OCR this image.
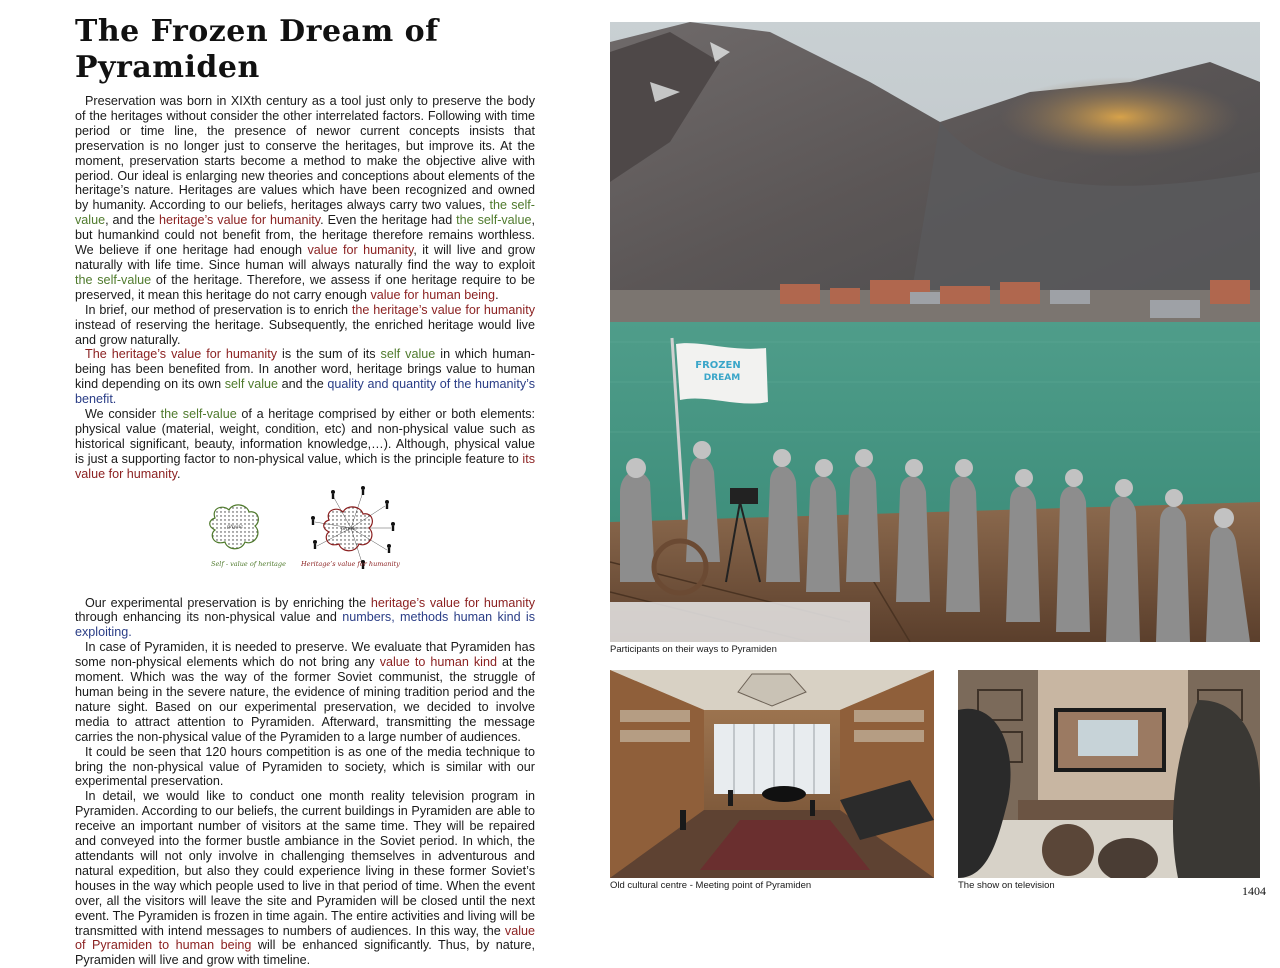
The Frozen Dream of Pyramiden

Preservation was born in XIXth century as a tool just only to preserve the body of the heritages without consider the other interrelated factors. Following with time period or time line, the presence of newor current concepts insists that preservation is no longer just to conserve the heritages, but improve its. At the moment, preservation starts become a method to make the objective alive with period. Our ideal is enlarging new theories and conceptions about elements of the heritage’s nature. Heritages are values which have been recognized and owned by humanity. According to our beliefs, heritages always carry two values, the self-value, and the heritage’s value for humanity. Even the heritage had the self-value, but humankind could not benefit from, the heritage therefore remains worthless. We believe if one heritage had enough value for humanity, it will live and grow naturally with life time. Since human will always naturally find the way to exploit the self-value of the heritage. Therefore, we assess if one heritage require to be preserved, it mean this heritage do not carry enough value for human being.

In brief, our method of preservation is to enrich the heritage’s value for humanity instead of reserving the heritage. Subsequently, the enriched heritage would live and grow naturally.

The heritage’s value for humanity is the sum of its self value in which human-being has been benefited from. In another word, heritage brings value to human kind depending on its own self value and the quality and quantity of the humanity’s benefit.

We consider the self-value of a heritage comprised by either or both elements: physical value (material, weight, condition, etc) and non-physical value such as historical significant, beauty, information knowledge,…). Although, physical value is just a supporting factor to non-physical value, which is the principle feature to its value for humanity.

physic
Self - value of heritage
physic
Heritage’s value for humanity

Our experimental preservation is by enriching the heritage’s value for humanity through enhancing its non-physical value and numbers, methods human kind is exploiting.

In case of Pyramiden, it is needed to preserve. We evaluate that Pyramiden has some non-physical elements which do not bring any value to human kind at the moment. Which was the way of the former Soviet communist, the struggle of human being in the severe nature, the evidence of mining tradition period and the nature sight. Based on our experimental preservation, we decided to involve media to attract attention to Pyramiden. Afterward, transmitting the message carries the non-physical value of the Pyramiden to a large number of audiences.

It could be seen that 120 hours competition is as one of the media technique to bring the non-physical value of Pyramiden to society, which is similar with our experimental preservation.

In detail, we would like to conduct one month reality television program in Pyramiden. According to our beliefs, the current buildings in Pyramiden are able to receive an important number of visitors at the same time. They will be repaired and conveyed into the former bustle ambiance in the Soviet period. In which, the attendants will not only involve in challenging themselves in adventurous and natural expedition, but also they could experience living in these former Soviet’s houses in the way which people used to live in that period of time. When the event over, all the visitors will leave the site and Pyramiden will be closed until the next event. The Pyramiden is frozen in time again. The entire activities and living will be transmitted with intend messages to numbers of audiences. In this way, the value of Pyramiden to human being will be enhanced significantly. Thus, by nature, Pyramiden will live and grow with timeline.

FROZEN
DREAM
Participants on their ways to Pyramiden
Old cultural centre - Meeting point of Pyramiden	The show on television	1404
